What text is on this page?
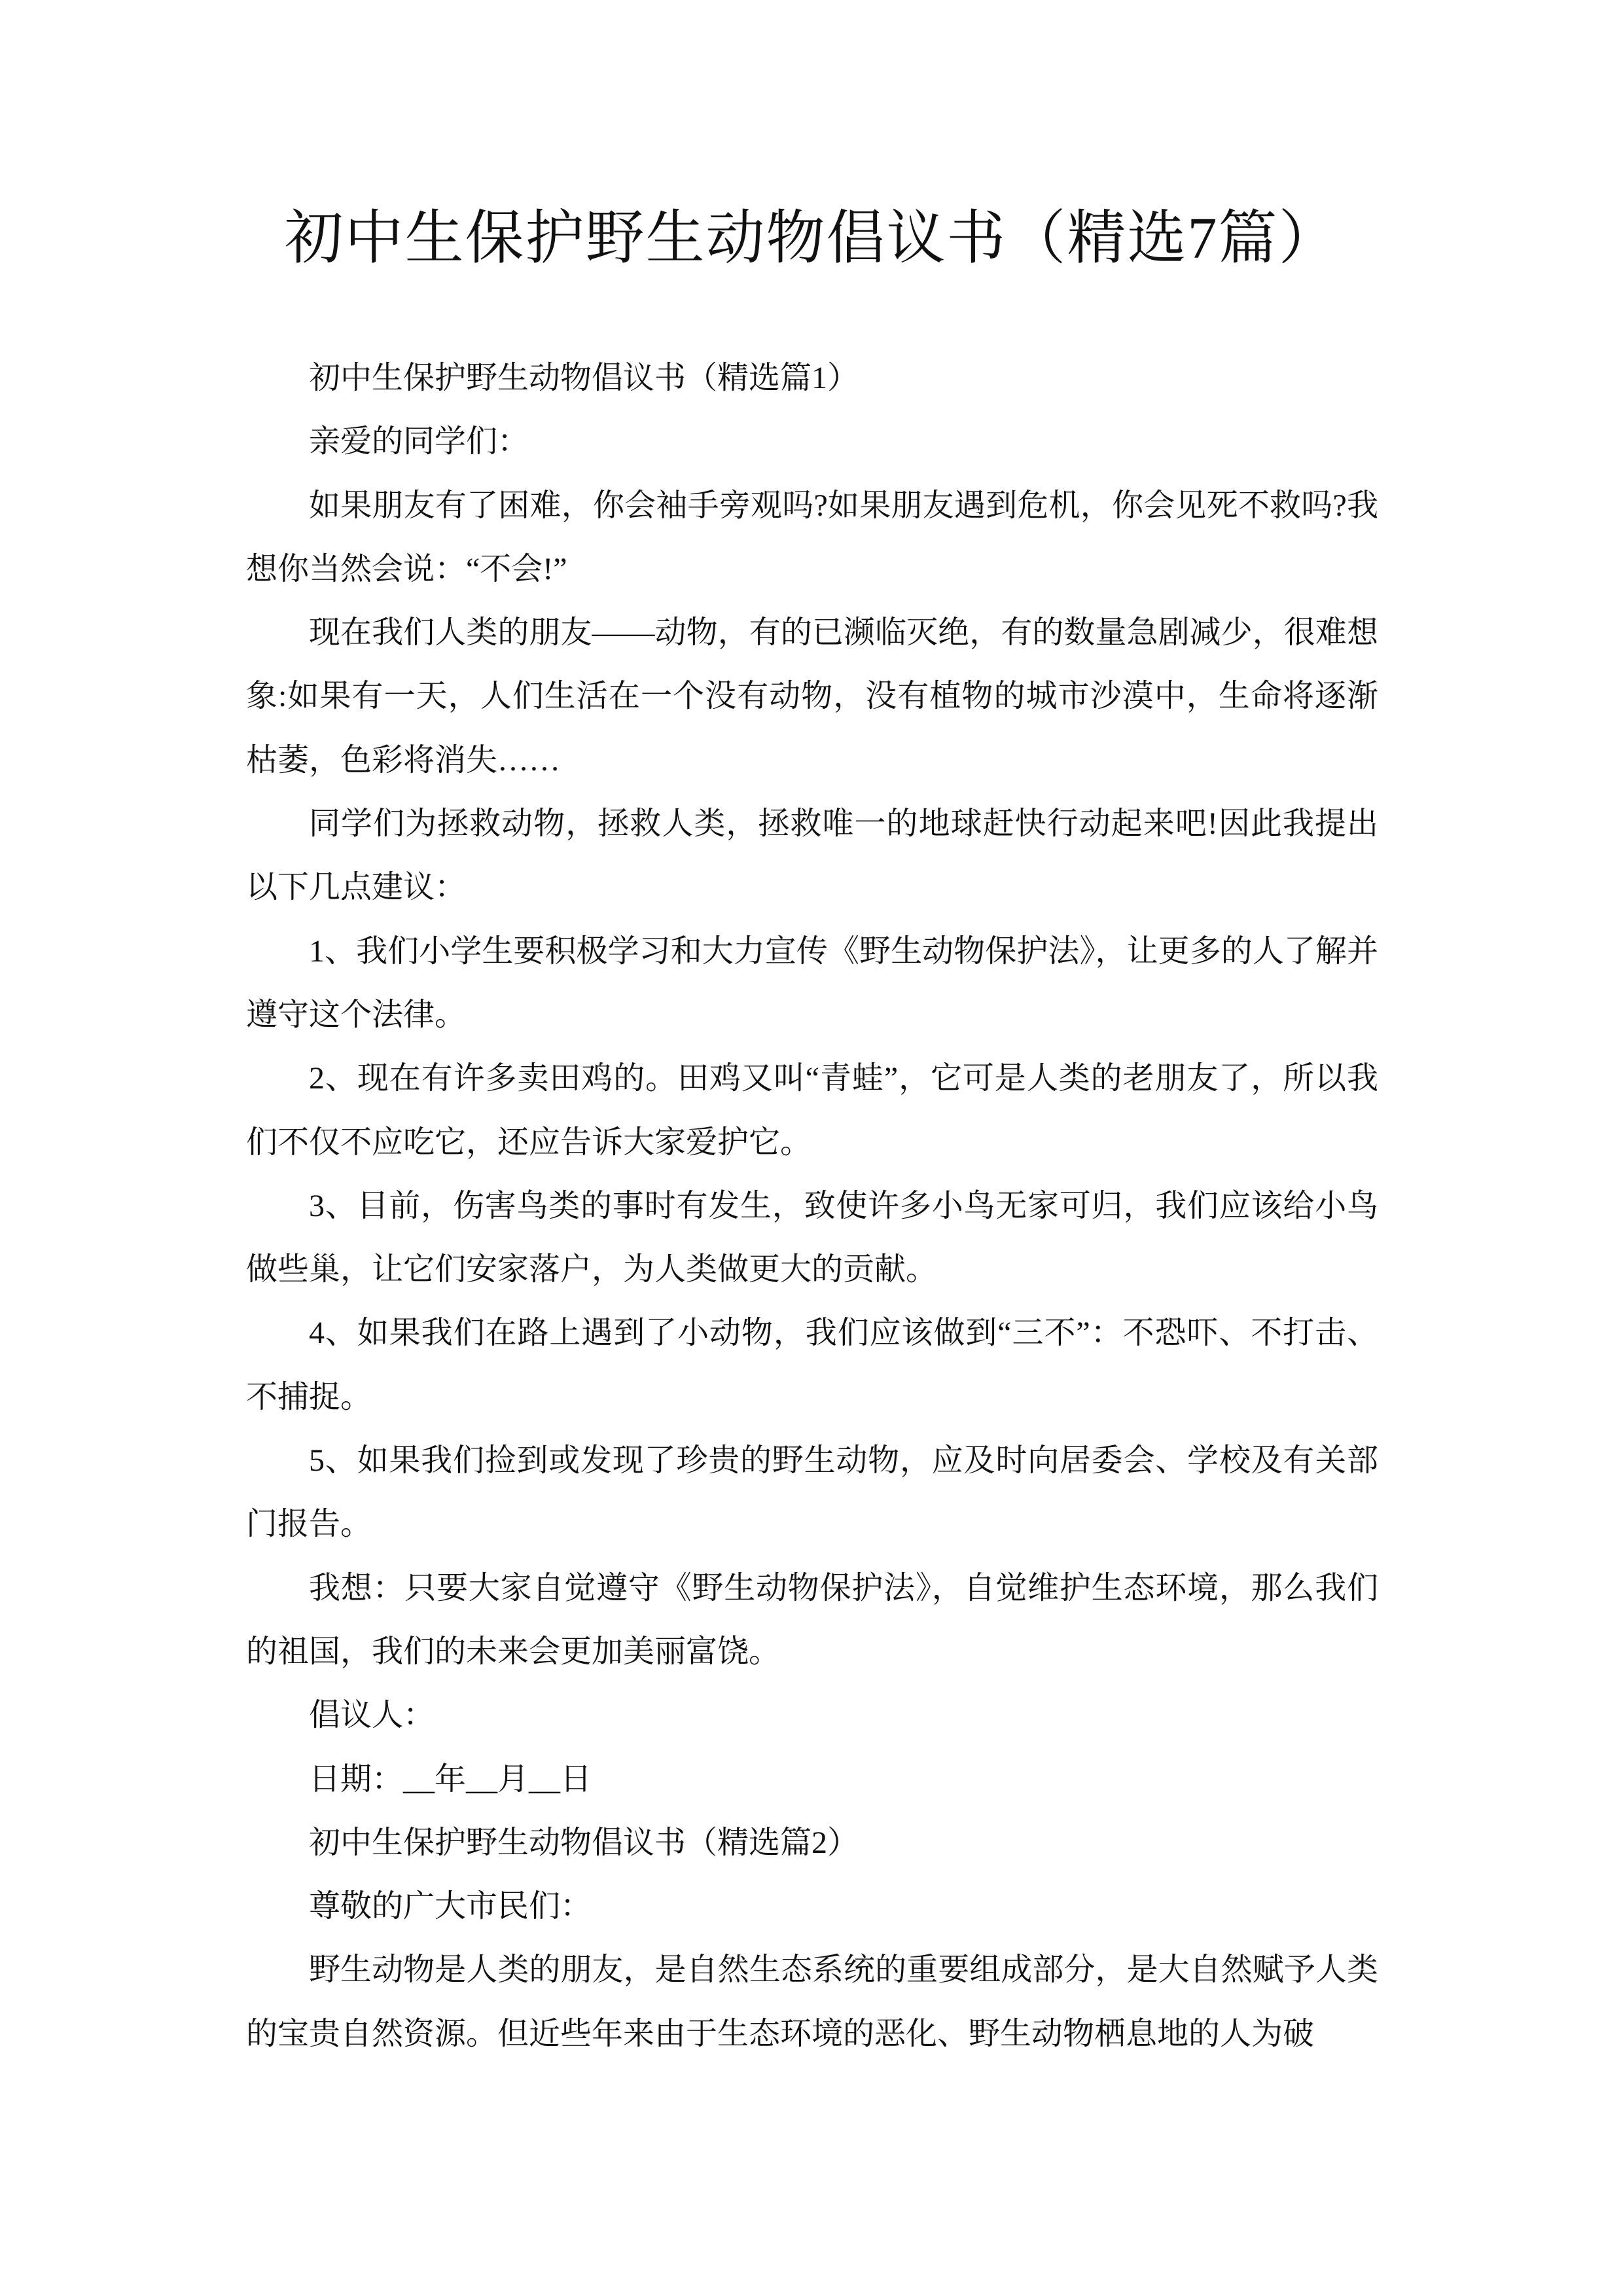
初中生保护野生动物倡议书（精选7篇）

初中生保护野生动物倡议书（精选篇1）

亲爱的同学们：

如果朋友有了困难，你会袖手旁观吗?如果朋友遇到危机，你会见死不救吗?我想你当然会说：“不会!”

现在我们人类的朋友——动物，有的已濒临灭绝，有的数量急剧减少，很难想象:如果有一天，人们生活在一个没有动物，没有植物的城市沙漠中，生命将逐渐枯萎，色彩将消失……

同学们为拯救动物，拯救人类，拯救唯一的地球赶快行动起来吧!因此我提出以下几点建议：

1、我们小学生要积极学习和大力宣传《野生动物保护法》，让更多的人了解并遵守这个法律。

2、现在有许多卖田鸡的。田鸡又叫“青蛙”，它可是人类的老朋友了，所以我们不仅不应吃它，还应告诉大家爱护它。

3、目前，伤害鸟类的事时有发生，致使许多小鸟无家可归，我们应该给小鸟做些巢，让它们安家落户，为人类做更大的贡献。

4、如果我们在路上遇到了小动物，我们应该做到“三不”：不恐吓、不打击、不捕捉。

5、如果我们捡到或发现了珍贵的野生动物，应及时向居委会、学校及有关部门报告。

我想：只要大家自觉遵守《野生动物保护法》，自觉维护生态环境，那么我们的祖国，我们的未来会更加美丽富饶。

倡议人：

日期：__年__月__日

初中生保护野生动物倡议书（精选篇2）

尊敬的广大市民们：

野生动物是人类的朋友，是自然生态系统的重要组成部分，是大自然赋予人类的宝贵自然资源。但近些年来由于生态环境的恶化、野生动物栖息地的人为破
